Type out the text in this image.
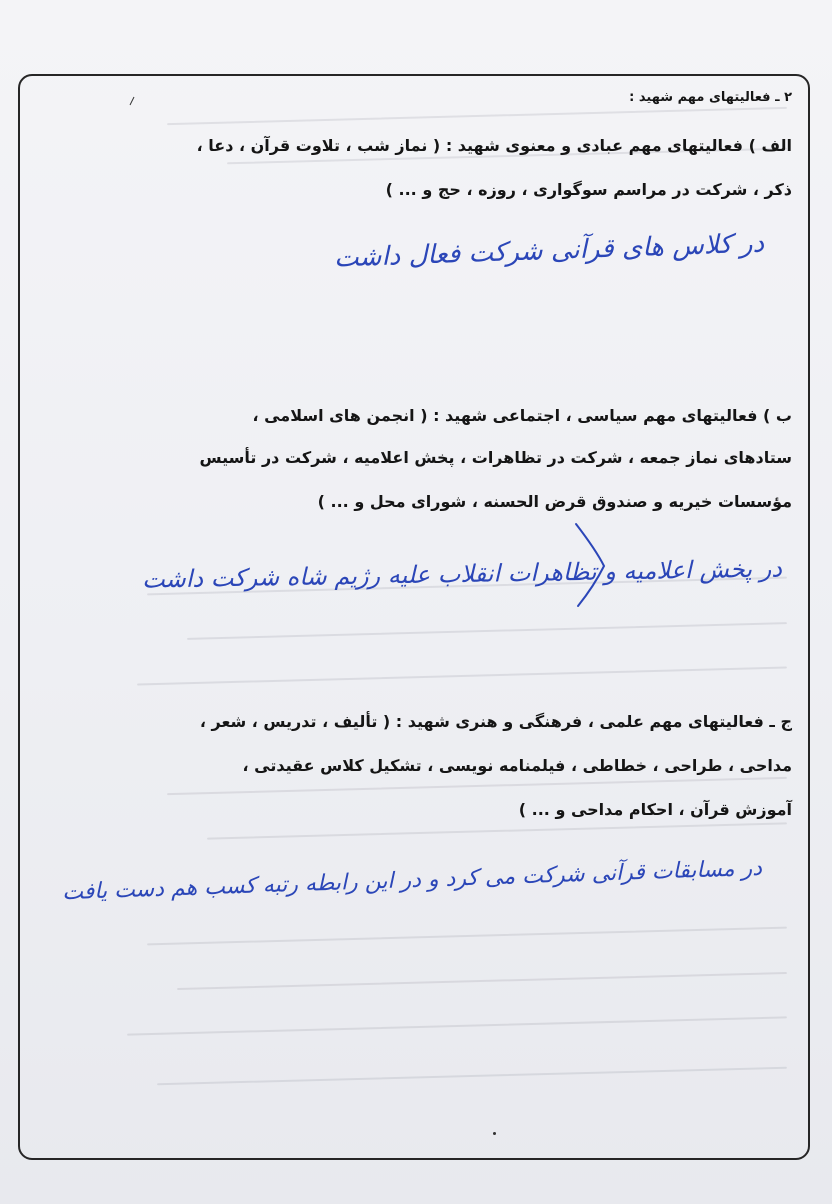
۲ ـ فعالیتهای مهم شهید :
الف ) فعالیتهای مهم عبادی و معنوی شهید : ( نماز شب ، تلاوت قرآن ، دعا ،
ذکر ، شرکت در مراسم سوگواری ، روزه ، حج و ... )
در کلاس های قرآنی شرکت فعال داشت
ب ) فعالیتهای مهم سیاسی ، اجتماعی شهید : ( انجمن های اسلامی ،
ستادهای نماز جمعه ، شرکت در تظاهرات ، پخش اعلامیه ، شرکت در تأسیس
مؤسسات خیریه و صندوق قرض الحسنه ، شورای محل و ... )
در پخش اعلامیه و تظاهرات انقلاب علیه رژیم شاه شرکت داشت
ج ـ فعالیتهای مهم علمی ، فرهنگی و هنری شهید : ( تألیف ، تدریس ، شعر ،
مداحی ، طراحی ، خطاطی ، فیلمنامه نویسی ، تشکیل کلاس عقیدتی ،
آموزش قرآن ، احکام مداحی و ... )
در مسابقات قرآنی شرکت می کرد و در این رابطه رتبه کسب هم دست یافت
